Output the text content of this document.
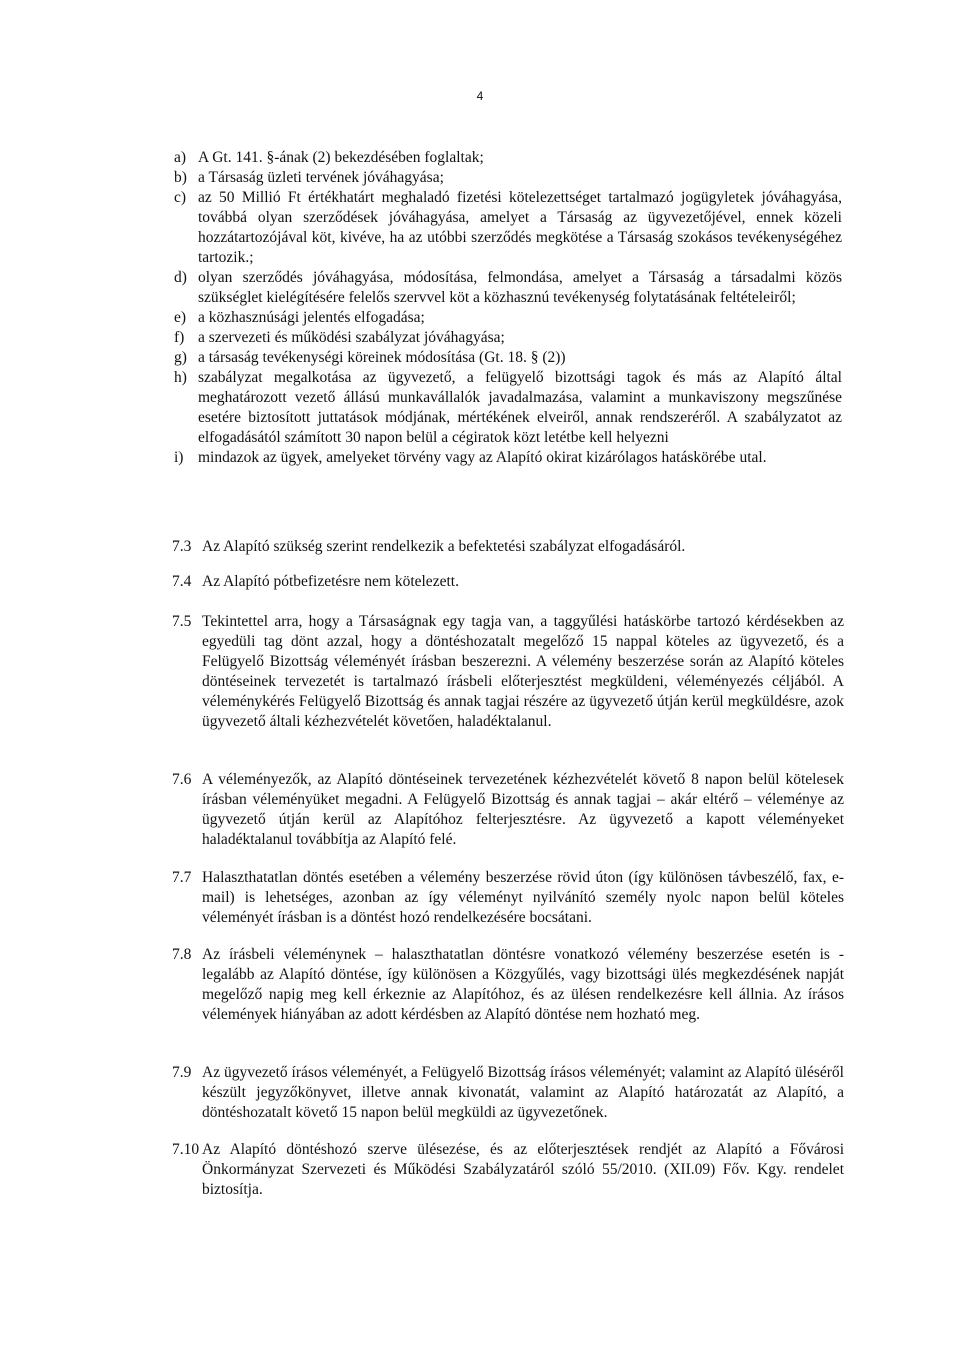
4
a) A Gt. 141. §-ának (2) bekezdésében foglaltak;
b) a Társaság üzleti tervének jóváhagyása;
c) az 50 Millió Ft értékhatárt meghaladó fizetési kötelezettséget tartalmazó jogügyletek jóváhagyása, továbbá olyan szerződések jóváhagyása, amelyet a Társaság az ügyvezetőjével, ennek közeli hozzátartozójával köt, kivéve, ha az utóbbi szerződés megkötése a Társaság szokásos tevékenységéhez tartozik.;
d) olyan szerződés jóváhagyása, módosítása, felmondása, amelyet a Társaság a társadalmi közös szükséglet kielégítésére felelős szervvel köt a közhasznú tevékenység folytatásának feltételeiről;
e) a közhasznúsági jelentés elfogadása;
f) a szervezeti és működési szabályzat jóváhagyása;
g) a társaság tevékenységi köreinek módosítása (Gt. 18. § (2))
h) szabályzat megalkotása az ügyvezető, a felügyelő bizottsági tagok és más az Alapító által meghatározott vezető állású munkavállalók javadalmazása, valamint a munkaviszony megszűnése esetére biztosított juttatások módjának, mértékének elveiről, annak rendszeréről. A szabályzatot az elfogadásától számított 30 napon belül a cégiratok közt letétbe kell helyezni
i) mindazok az ügyek, amelyeket törvény vagy az Alapító okirat kizárólagos hatáskörébe utal.
7.3 Az Alapító szükség szerint rendelkezik a befektetési szabályzat elfogadásáról.
7.4 Az Alapító pótbefizetésre nem kötelezett.
7.5 Tekintettel arra, hogy a Társaságnak egy tagja van, a taggyűlési hatáskörbe tartozó kérdésekben az egyedüli tag dönt azzal, hogy a döntéshozatalt megelőző 15 nappal köteles az ügyvezető, és a Felügyelő Bizottság véleményét írásban beszerezni. A vélemény beszerzése során az Alapító köteles döntéseinek tervezetét is tartalmazó írásbeli előterjesztést megküldeni, véleményezés céljából. A véleménykérés Felügyelő Bizottság és annak tagjai részére az ügyvezető útján kerül megküldésre, azok ügyvezető általi kézhezvételét követően, haladéktalanul.
7.6 A véleményezők, az Alapító döntéseinek tervezetének kézhezvételét követő 8 napon belül kötelesek írásban véleményüket megadni. A Felügyelő Bizottság és annak tagjai – akár eltérő – véleménye az ügyvezető útján kerül az Alapítóhoz felterjesztésre. Az ügyvezető a kapott véleményeket haladéktalanul továbbítja az Alapító felé.
7.7 Halaszthatatlan döntés esetében a vélemény beszerzése rövid úton (így különösen távbeszélő, fax, e-mail) is lehetséges, azonban az így véleményt nyilvánító személy nyolc napon belül köteles véleményét írásban is a döntést hozó rendelkezésére bocsátani.
7.8 Az írásbeli véleménynek – halaszthatatlan döntésre vonatkozó vélemény beszerzése esetén is - legalább az Alapító döntése, így különösen a Közgyűlés, vagy bizottsági ülés megkezdésének napját megelőző napig meg kell érkeznie az Alapítóhoz, és az ülésen rendelkezésre kell állnia. Az írásos vélemények hiányában az adott kérdésben az Alapító döntése nem hozható meg.
7.9 Az ügyvezető írásos véleményét, a Felügyelő Bizottság írásos véleményét; valamint az Alapító üléséről készült jegyzőkönyvet, illetve annak kivonatát, valamint az Alapító határozatát az Alapító, a döntéshozatalt követő 15 napon belül megküldi az ügyvezetőnek.
7.10 Az Alapító döntéshozó szerve ülésezése, és az előterjesztések rendjét az Alapító a Fővárosi Önkormányzat Szervezeti és Működési Szabályzatáról szóló 55/2010. (XII.09) Főv. Kgy. rendelet biztosítja.
